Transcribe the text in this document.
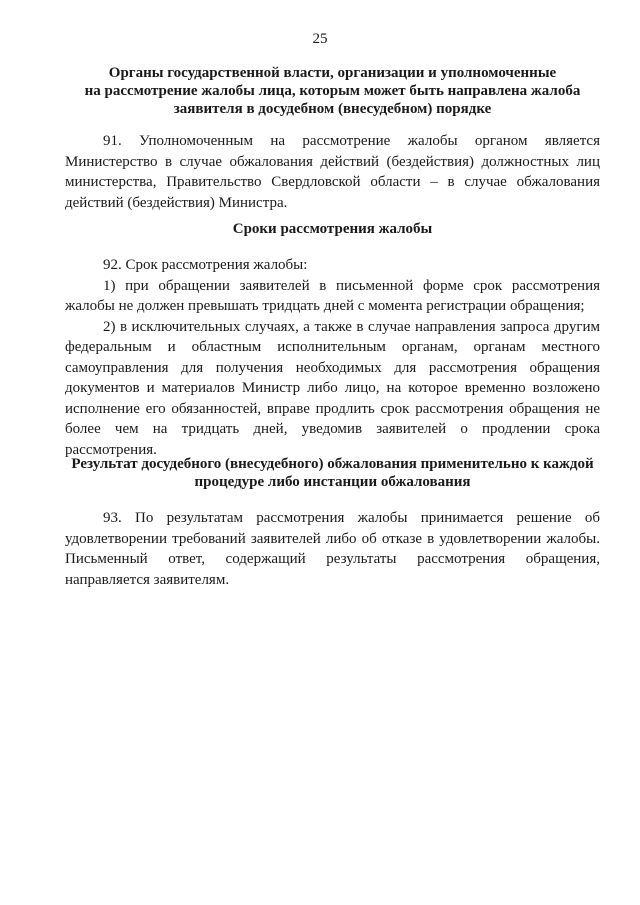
25
Органы государственной власти, организации и уполномоченные
на рассмотрение жалобы лица, которым может быть направлена жалоба
заявителя в досудебном (внесудебном) порядке

91. Уполномоченным на рассмотрение жалобы органом является Министерство в случае обжалования действий (бездействия) должностных лиц министерства, Правительство Свердловской области – в случае обжалования действий (бездействия) Министра.

Сроки рассмотрения жалобы

92. Срок рассмотрения жалобы:

1) при обращении заявителей в письменной форме срок рассмотрения жалобы не должен превышать тридцать дней с момента регистрации обращения;

2) в исключительных случаях, а также в случае направления запроса другим федеральным и областным исполнительным органам, органам местного самоуправления для получения необходимых для рассмотрения обращения документов и материалов Министр либо лицо, на которое временно возложено исполнение его обязанностей, вправе продлить срок рассмотрения обращения не более чем на тридцать дней, уведомив заявителей о продлении срока рассмотрения.

Результат досудебного (внесудебного) обжалования применительно к каждой
процедуре либо инстанции обжалования

93. По результатам рассмотрения жалобы принимается решение об удовлетворении требований заявителей либо об отказе в удовлетворении жалобы. Письменный ответ, содержащий результаты рассмотрения обращения, направляется заявителям.
